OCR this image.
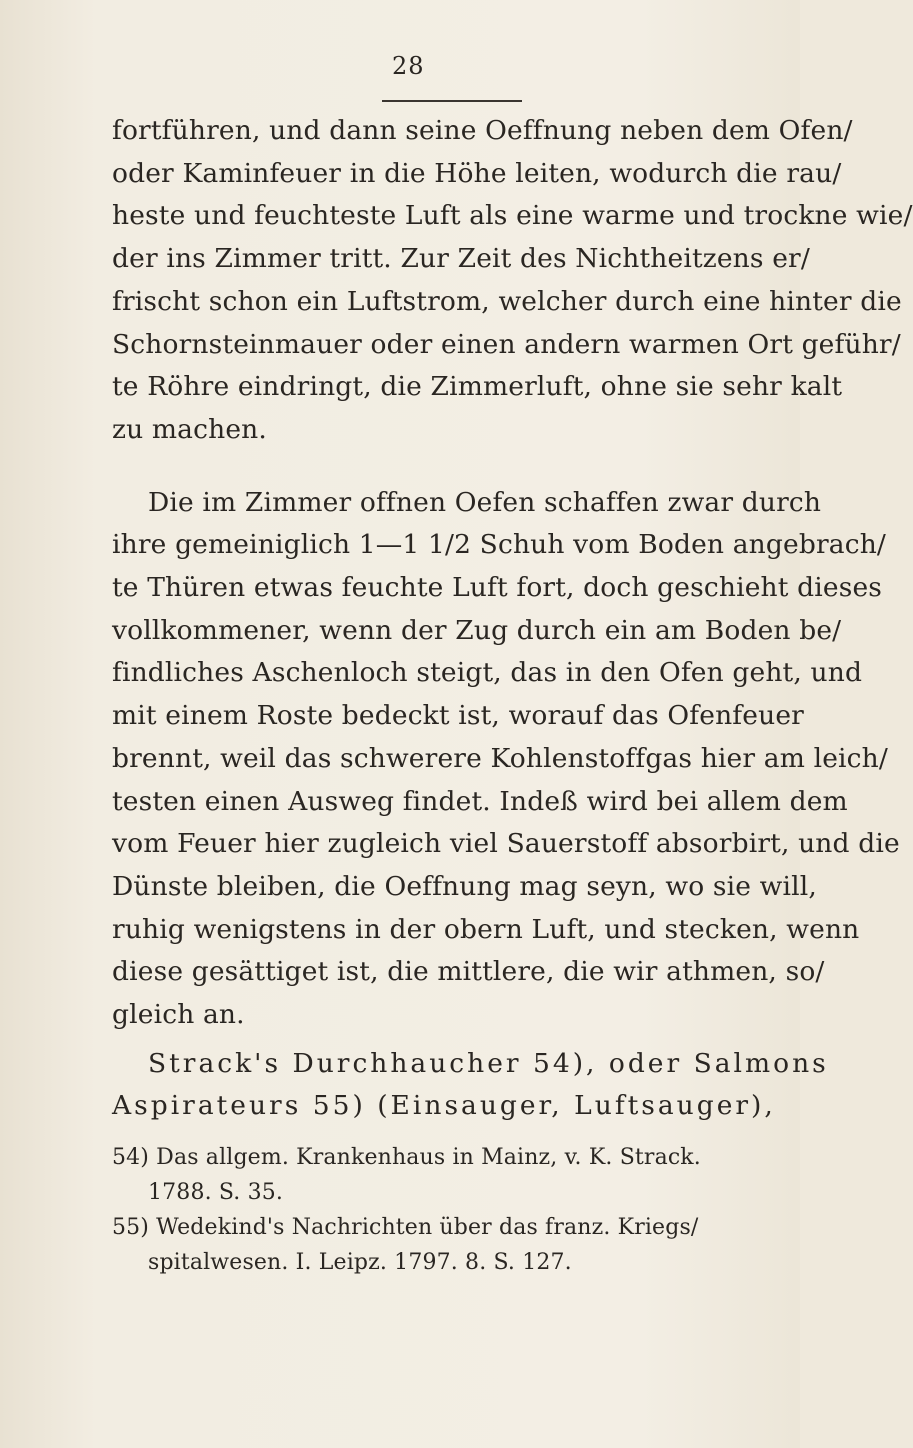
28
fortführen, und dann seine Oeffnung neben dem Ofen/
oder Kaminfeuer in die Höhe leiten, wodurch die rau/
heste und feuchteste Luft als eine warme und trockne wie/
der ins Zimmer tritt. Zur Zeit des Nichtheitzens er/
frischt schon ein Luftstrom, welcher durch eine hinter die
Schornsteinmauer oder einen andern warmen Ort geführ/
te Röhre eindringt, die Zimmerluft, ohne sie sehr kalt
zu machen.
Die im Zimmer offnen Oefen schaffen zwar durch
ihre gemeiniglich 1—1 1/2 Schuh vom Boden angebrach/
te Thüren etwas feuchte Luft fort, doch geschieht dieses
vollkommener, wenn der Zug durch ein am Boden be/
findliches Aschenloch steigt, das in den Ofen geht, und
mit einem Roste bedeckt ist, worauf das Ofenfeuer
brennt, weil das schwerere Kohlenstoffgas hier am leich/
testen einen Ausweg findet. Indeß wird bei allem dem
vom Feuer hier zugleich viel Sauerstoff absorbirt, und die
Dünste bleiben, die Oeffnung mag seyn, wo sie will,
ruhig wenigstens in der obern Luft, und stecken, wenn
diese gesättiget ist, die mittlere, die wir athmen, so/
gleich an.
Strack's Durchhaucher 54), oder Salmons
Aspirateurs 55) (Einsauger, Luftsauger),
54) Das allgem. Krankenhaus in Mainz, v. K. Strack.
1788. S. 35.
55) Wedekind's Nachrichten über das franz. Kriegs/
spitalwesen. I. Leipz. 1797. 8. S. 127.
